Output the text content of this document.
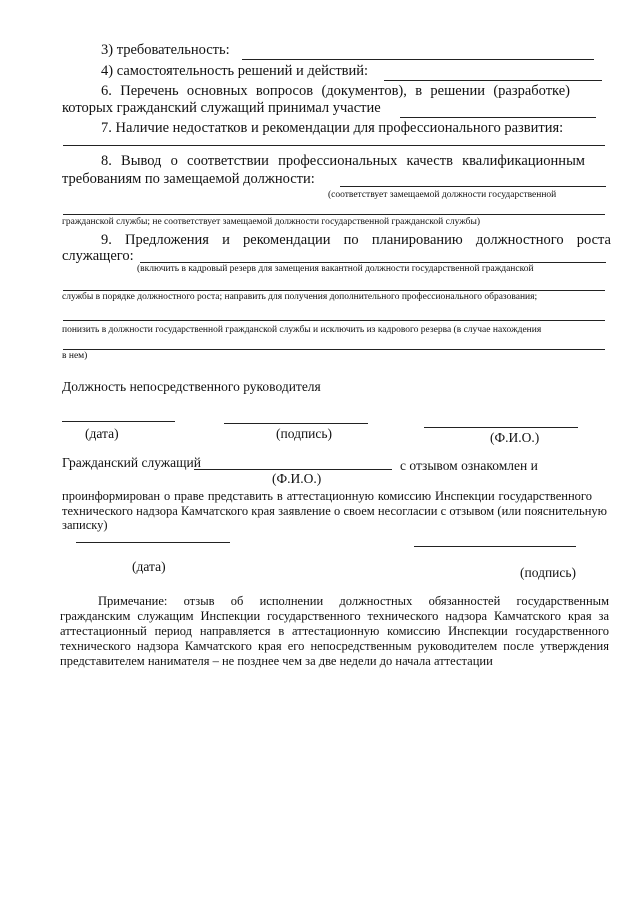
3) требовательность:
4) самостоятельность решений и действий:
6. Перечень основных вопросов (документов), в решении (разработке)
которых гражданский служащий принимал участие
7. Наличие недостатков и рекомендации для профессионального развития:
8. Вывод о соответствии профессиональных качеств квалификационным
требованиям по замещаемой должности:
(соответствует замещаемой должности государственной
гражданской службы; не соответствует замещаемой должности государственной гражданской службы)
9. Предложения и рекомендации по планированию должностного роста
служащего:
(включить в кадровый резерв для замещения вакантной должности государственной гражданской
службы в порядке должностного роста; направить для получения дополнительного профессионального образования;
понизить в должности государственной гражданской службы и исключить из кадрового резерва (в случае нахождения
в нем)
Должность непосредственного руководителя
(дата)	(подпись)	(Ф.И.О.)
Гражданский служащий	с отзывом ознакомлен и
(Ф.И.О.)
проинформирован о праве представить в аттестационную комиссию Инспекции государственного
технического надзора Камчатского края заявление о своем несогласии с отзывом (или пояснительную
записку)
(дата)	(подпись)
Примечание: отзыв об исполнении должностных обязанностей государственным
гражданским служащим Инспекции государственного технического надзора Камчатского края за
аттестационный период направляется в аттестационную комиссию Инспекции государственного
технического надзора Камчатского края его непосредственным руководителем после утверждения
представителем нанимателя – не позднее чем за две недели до начала аттестации
